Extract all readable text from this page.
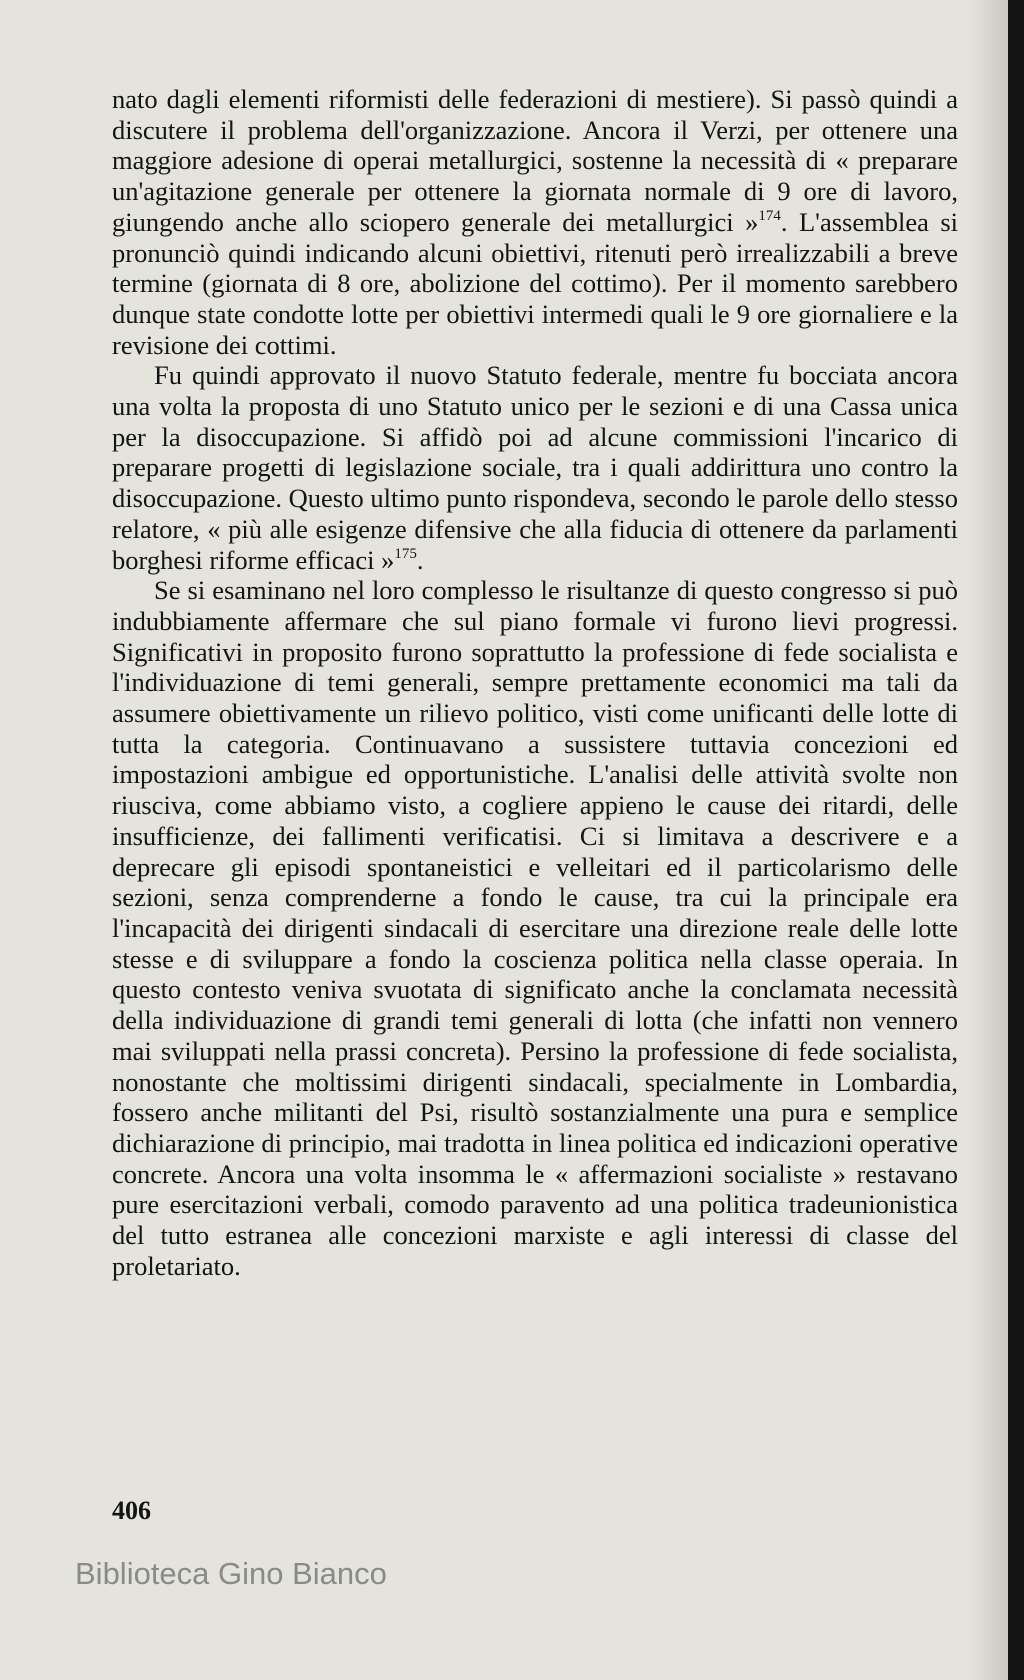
nato dagli elementi riformisti delle federazioni di mestiere). Si passò quindi a discutere il problema dell'organizzazione. Ancora il Verzi, per ottenere una maggiore adesione di operai metallurgici, sostenne la necessità di « preparare un'agitazione generale per ottenere la giornata normale di 9 ore di lavoro, giungendo anche allo sciopero generale dei metallurgici »$^{174}$. L'assemblea si pronunciò quindi indicando alcuni obiettivi, ritenuti però irrealizzabili a breve termine (giornata di 8 ore, abolizione del cottimo). Per il momento sarebbero dunque state condotte lotte per obiettivi intermedi quali le 9 ore giornaliere e la revisione dei cottimi.

Fu quindi approvato il nuovo Statuto federale, mentre fu bocciata ancora una volta la proposta di uno Statuto unico per le sezioni e di una Cassa unica per la disoccupazione. Si affidò poi ad alcune commissioni l'incarico di preparare progetti di legislazione sociale, tra i quali addirittura uno contro la disoccupazione. Questo ultimo punto rispondeva, secondo le parole dello stesso relatore, « più alle esigenze difensive che alla fiducia di ottenere da parlamenti borghesi riforme efficaci »$^{175}$.

Se si esaminano nel loro complesso le risultanze di questo congresso si può indubbiamente affermare che sul piano formale vi furono lievi progressi. Significativi in proposito furono soprattutto la professione di fede socialista e l'individuazione di temi generali, sempre prettamente economici ma tali da assumere obiettivamente un rilievo politico, visti come unificanti delle lotte di tutta la categoria. Continuavano a sussistere tuttavia concezioni ed impostazioni ambigue ed opportunistiche. L'analisi delle attività svolte non riusciva, come abbiamo visto, a cogliere appieno le cause dei ritardi, delle insufficienze, dei fallimenti verificatisi. Ci si limitava a descrivere e a deprecare gli episodi spontaneistici e velleitari ed il particolarismo delle sezioni, senza comprenderne a fondo le cause, tra cui la principale era l'incapacità dei dirigenti sindacali di esercitare una direzione reale delle lotte stesse e di sviluppare a fondo la coscienza politica nella classe operaia. In questo contesto veniva svuotata di significato anche la conclamata necessità della individuazione di grandi temi generali di lotta (che infatti non vennero mai sviluppati nella prassi concreta). Persino la professione di fede socialista, nonostante che moltissimi dirigenti sindacali, specialmente in Lombardia, fossero anche militanti del Psi, risultò sostanzialmente una pura e semplice dichiarazione di principio, mai tradotta in linea politica ed indicazioni operative concrete. Ancora una volta insomma le « affermazioni socialiste » restavano pure esercitazioni verbali, comodo paravento ad una politica tradeunionistica del tutto estranea alle concezioni marxiste e agli interessi di classe del proletariato.

406
Biblioteca Gino Bianco
